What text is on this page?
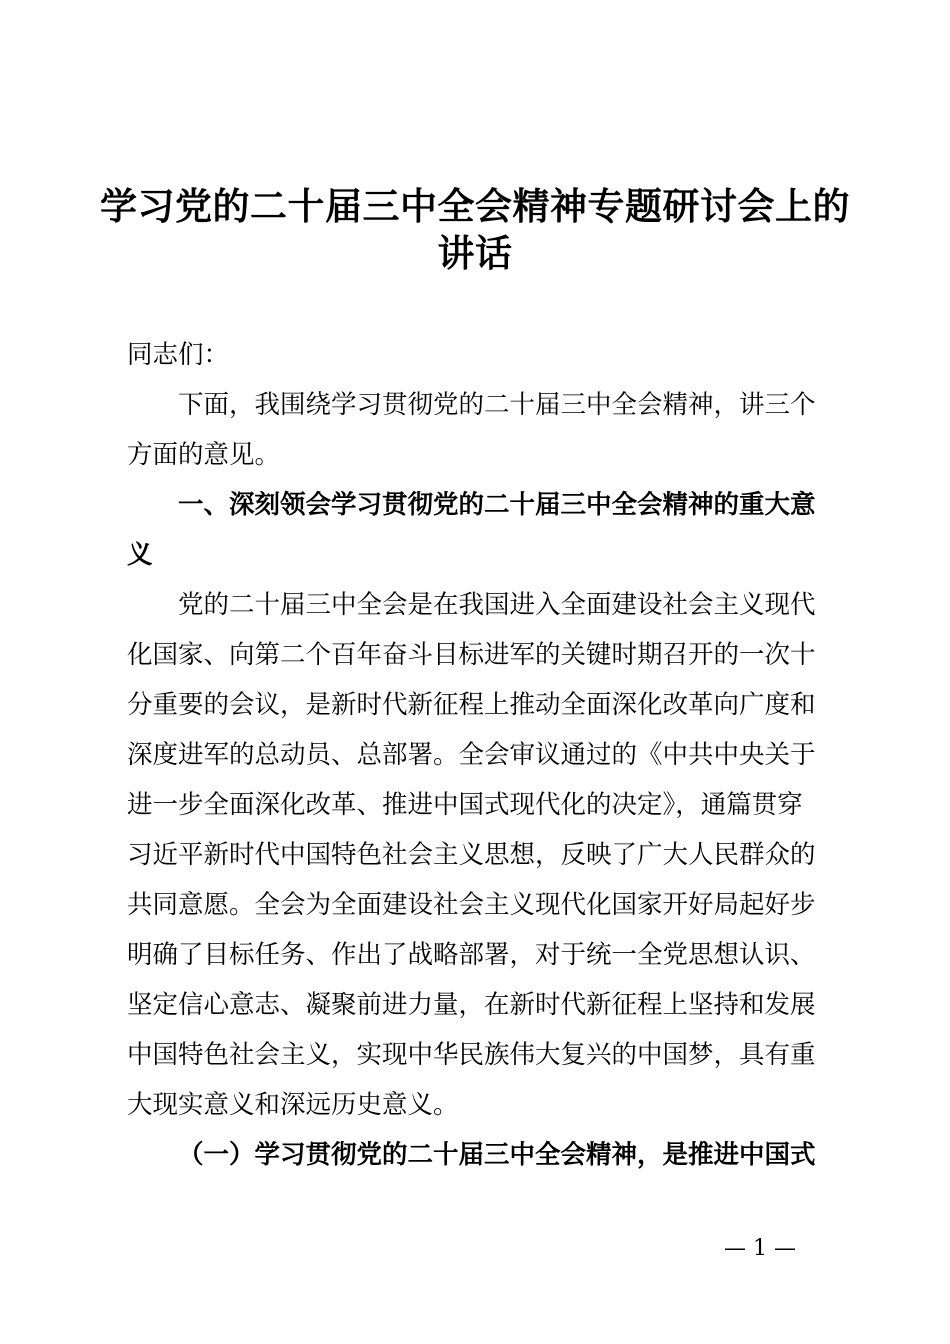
学习党的二十届三中全会精神专题研讨会上的
讲话

同志们：

下面，我围绕学习贯彻党的二十届三中全会精神，讲三个
方面的意见。

一、深刻领会学习贯彻党的二十届三中全会精神的重大意
义

党的二十届三中全会是在我国进入全面建设社会主义现代
化国家、向第二个百年奋斗目标进军的关键时期召开的一次十
分重要的会议，是新时代新征程上推动全面深化改革向广度和
深度进军的总动员、总部署。全会审议通过的《中共中央关于
进一步全面深化改革、推进中国式现代化的决定》，通篇贯穿
习近平新时代中国特色社会主义思想，反映了广大人民群众的
共同意愿。全会为全面建设社会主义现代化国家开好局起好步
明确了目标任务、作出了战略部署，对于统一全党思想认识、
坚定信心意志、凝聚前进力量，在新时代新征程上坚持和发展
中国特色社会主义，实现中华民族伟大复兴的中国梦，具有重
大现实意义和深远历史意义。

（一）学习贯彻党的二十届三中全会精神，是推进中国式

— 1 —
